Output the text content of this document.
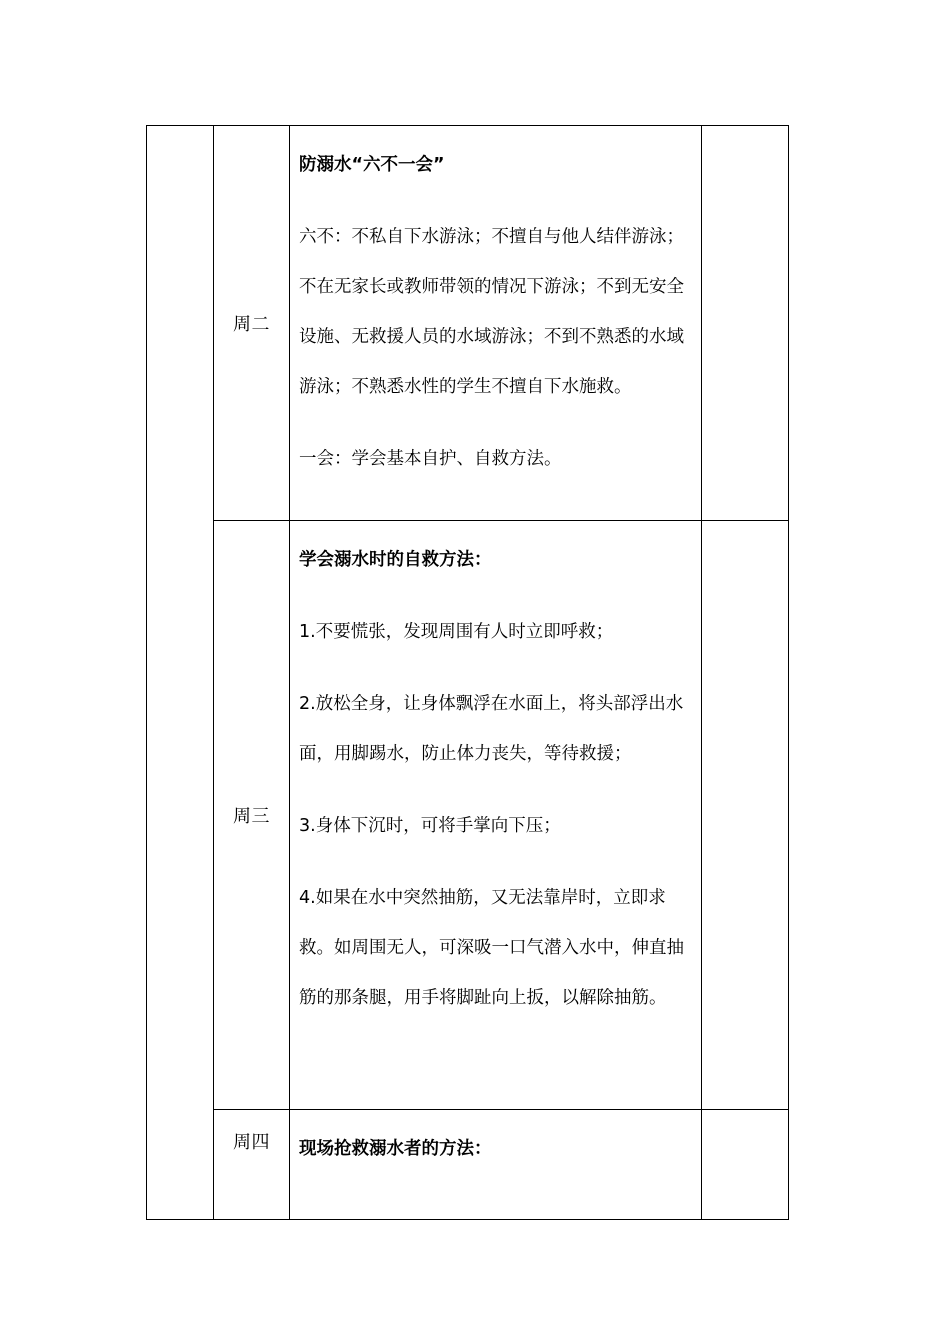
	周二	防溺水“六不一会”

六不：不私自下水游泳；不擅自与他人结伴游泳；不在无家长或教师带领的情况下游泳；不到无安全设施、无救援人员的水域游泳；不到不熟悉的水域游泳；不熟悉水性的学生不擅自下水施救。

一会：学会基本自护、自救方法。	

	周三	学会溺水时的自救方法：

1.不要慌张，发现周围有人时立即呼救；

2.放松全身，让身体飘浮在水面上，将头部浮出水面，用脚踢水，防止体力丧失，等待救援；

3.身体下沉时，可将手掌向下压；

4.如果在水中突然抽筋，又无法靠岸时，立即求救。如周围无人，可深吸一口气潜入水中，伸直抽筋的那条腿，用手将脚趾向上扳，以解除抽筋。	

	周四	现场抢救溺水者的方法：	
